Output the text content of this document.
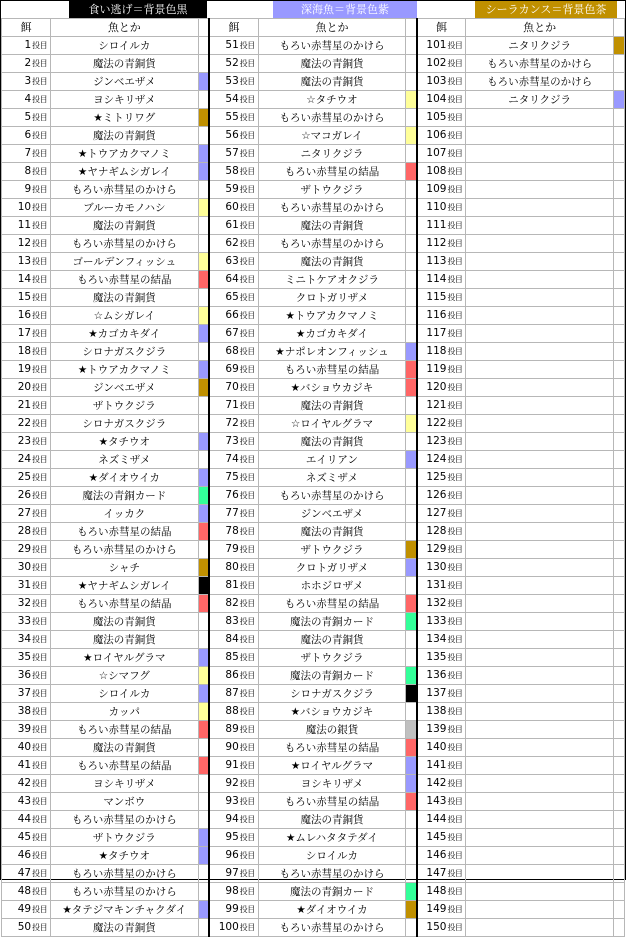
食い逃げ＝背景色黒	深海魚＝背景色紫	シーラカンス＝背景色茶
餌	魚とか		餌	魚とか		餌	魚とか	
1投目	シロイルカ		51投目	もろい赤彗星のかけら		101投目	ニタリクジラ	
2投目	魔法の青銅貨		52投目	魔法の青銅貨		102投目	もろい赤彗星のかけら	
3投目	ジンベエザメ		53投目	魔法の青銅貨		103投目	もろい赤彗星のかけら	
4投目	ヨシキリザメ		54投目	☆タチウオ		104投目	ニタリクジラ	
5投目	★ミトリワグ		55投目	もろい赤彗星のかけら		105投目		
6投目	魔法の青銅貨		56投目	☆マコガレイ		106投目		
7投目	★トウアカクマノミ		57投目	ニタリクジラ		107投目		
8投目	★ヤナギムシガレイ		58投目	もろい赤彗星の結晶		108投目		
9投目	もろい赤彗星のかけら		59投目	ザトウクジラ		109投目		
10投目	ブルーカモノハシ		60投目	もろい赤彗星のかけら		110投目		
11投目	魔法の青銅貨		61投目	魔法の青銅貨		111投目		
12投目	もろい赤彗星のかけら		62投目	もろい赤彗星のかけら		112投目		
13投目	ゴールデンフィッシュ		63投目	魔法の青銅貨		113投目		
14投目	もろい赤彗星の結晶		64投目	ミニトケアオクジラ		114投目		
15投目	魔法の青銅貨		65投目	クロトガリザメ		115投目		
16投目	☆ムシガレイ		66投目	★トウアカクマノミ		116投目		
17投目	★カゴカキダイ		67投目	★カゴカキダイ		117投目		
18投目	シロナガスクジラ		68投目	★ナポレオンフィッシュ		118投目		
19投目	★トウアカクマノミ		69投目	もろい赤彗星の結晶		119投目		
20投目	ジンベエザメ		70投目	★バショウカジキ		120投目		
21投目	ザトウクジラ		71投目	魔法の青銅貨		121投目		
22投目	シロナガスクジラ		72投目	☆ロイヤルグラマ		122投目		
23投目	★タチウオ		73投目	魔法の青銅貨		123投目		
24投目	ネズミザメ		74投目	エイリアン		124投目		
25投目	★ダイオウイカ		75投目	ネズミザメ		125投目		
26投目	魔法の青銅カード		76投目	もろい赤彗星のかけら		126投目		
27投目	イッカク		77投目	ジンベエザメ		127投目		
28投目	もろい赤彗星の結晶		78投目	魔法の青銅貨		128投目		
29投目	もろい赤彗星のかけら		79投目	ザトウクジラ		129投目		
30投目	シャチ		80投目	クロトガリザメ		130投目		
31投目	★ヤナギムシガレイ		81投目	ホホジロザメ		131投目		
32投目	もろい赤彗星の結晶		82投目	もろい赤彗星の結晶		132投目		
33投目	魔法の青銅貨		83投目	魔法の青銅カード		133投目		
34投目	魔法の青銅貨		84投目	魔法の青銅貨		134投目		
35投目	★ロイヤルグラマ		85投目	ザトウクジラ		135投目		
36投目	☆シマフグ		86投目	魔法の青銅カード		136投目		
37投目	シロイルカ		87投目	シロナガスクジラ		137投目		
38投目	カッパ		88投目	★バショウカジキ		138投目		
39投目	もろい赤彗星の結晶		89投目	魔法の銀貨		139投目		
40投目	魔法の青銅貨		90投目	もろい赤彗星の結晶		140投目		
41投目	もろい赤彗星の結晶		91投目	★ロイヤルグラマ		141投目		
42投目	ヨシキリザメ		92投目	ヨシキリザメ		142投目		
43投目	マンボウ		93投目	もろい赤彗星の結晶		143投目		
44投目	もろい赤彗星のかけら		94投目	魔法の青銅貨		144投目		
45投目	ザトウクジラ		95投目	★ムレハタタテダイ		145投目		
46投目	★タチウオ		96投目	シロイルカ		146投目		
47投目	もろい赤彗星のかけら		97投目	もろい赤彗星のかけら		147投目		
48投目	もろい赤彗星のかけら		98投目	魔法の青銅カード		148投目		
49投目	★タテジマキンチャクダイ		99投目	★ダイオウイカ		149投目		
50投目	魔法の青銅貨		100投目	もろい赤彗星のかけら		150投目		
